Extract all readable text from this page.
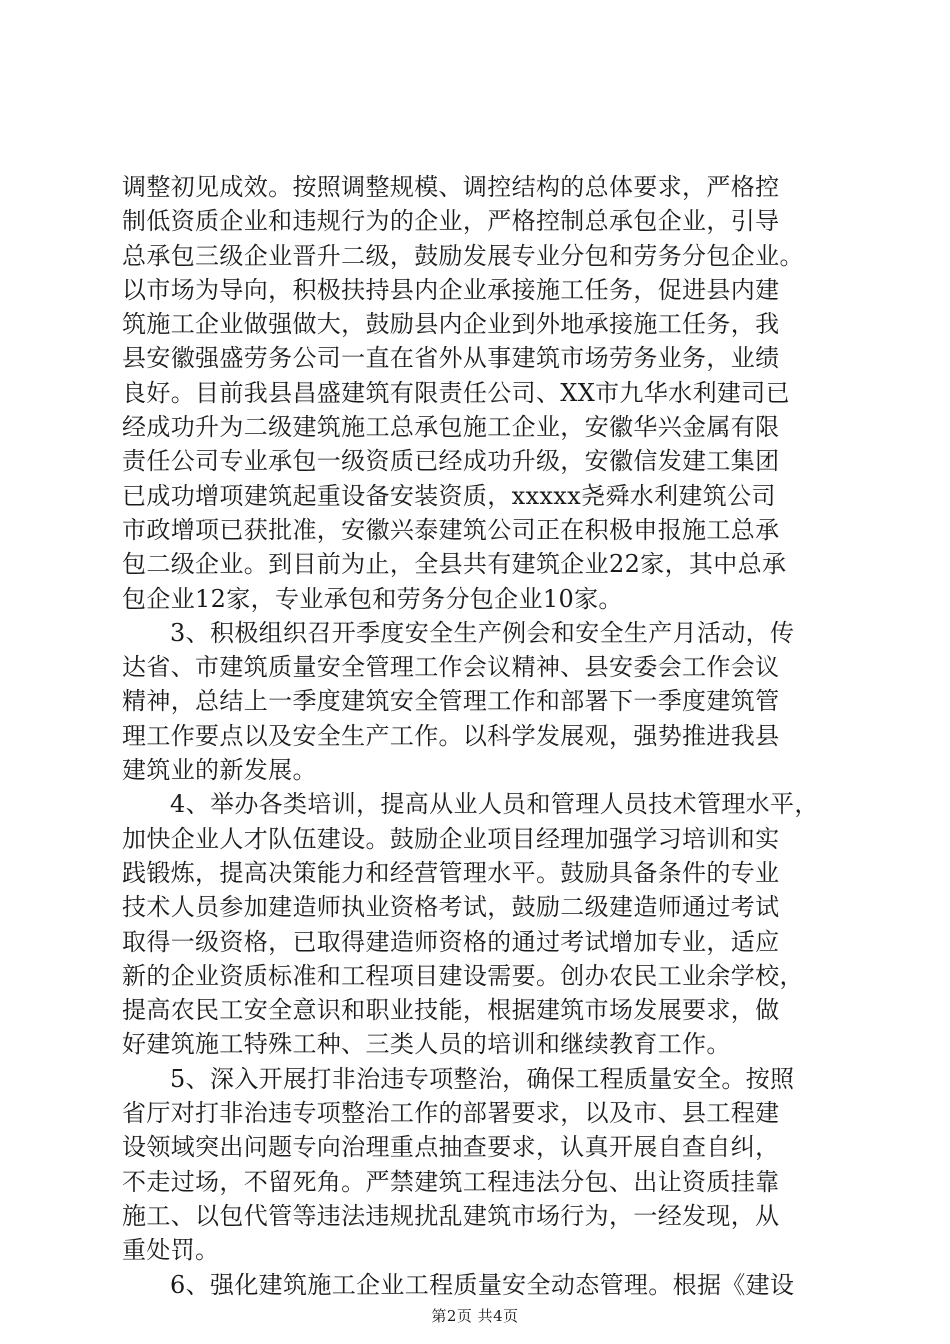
调整初见成效。按照调整规模、调控结构的总体要求，严格控
制低资质企业和违规行为的企业，严格控制总承包企业，引导
总承包三级企业晋升二级，鼓励发展专业分包和劳务分包企业。
以市场为导向，积极扶持县内企业承接施工任务，促进县内建
筑施工企业做强做大，鼓励县内企业到外地承接施工任务，我
县安徽强盛劳务公司一直在省外从事建筑市场劳务业务，业绩
良好。目前我县昌盛建筑有限责任公司、XX市九华水利建司已
经成功升为二级建筑施工总承包施工企业，安徽华兴金属有限
责任公司专业承包一级资质已经成功升级，安徽信发建工集团
已成功增项建筑起重设备安装资质，xxxxx尧舜水利建筑公司
市政增项已获批准，安徽兴泰建筑公司正在积极申报施工总承
包二级企业。到目前为止，全县共有建筑企业22家，其中总承
包企业12家，专业承包和劳务分包企业10家。
3、积极组织召开季度安全生产例会和安全生产月活动，传
达省、市建筑质量安全管理工作会议精神、县安委会工作会议
精神，总结上一季度建筑安全管理工作和部署下一季度建筑管
理工作要点以及安全生产工作。以科学发展观，强势推进我县
建筑业的新发展。
4、举办各类培训，提高从业人员和管理人员技术管理水平，
加快企业人才队伍建设。鼓励企业项目经理加强学习培训和实
践锻炼，提高决策能力和经营管理水平。鼓励具备条件的专业
技术人员参加建造师执业资格考试，鼓励二级建造师通过考试
取得一级资格，已取得建造师资格的通过考试增加专业，适应
新的企业资质标准和工程项目建设需要。创办农民工业余学校，
提高农民工安全意识和职业技能，根据建筑市场发展要求，做
好建筑施工特殊工种、三类人员的培训和继续教育工作。
5、深入开展打非治违专项整治，确保工程质量安全。按照
省厅对打非治违专项整治工作的部署要求，以及市、县工程建
设领域突出问题专向治理重点抽查要求，认真开展自查自纠，
不走过场，不留死角。严禁建筑工程违法分包、出让资质挂靠
施工、以包代管等违法违规扰乱建筑市场行为，一经发现，从
重处罚。
6、强化建筑施工企业工程质量安全动态管理。根据《建设
第2页 共4页
